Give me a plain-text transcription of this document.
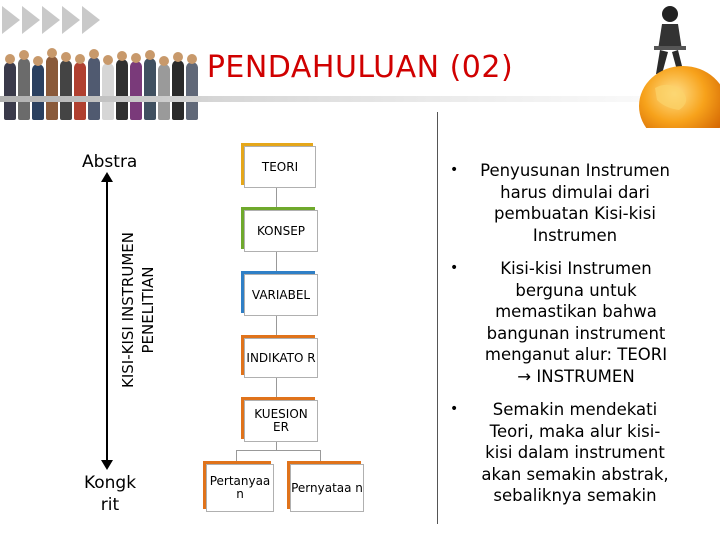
PENDAHULUAN (02)
Abstra
Kongk rit
KISI-KISI INSTRUMEN PENELITIAN
TEORI
KONSEP
VARIABEL
INDIKATO R
KUESION ER
Pertanyaa n	Pernyataa n
• Penyusunan Instrumen harus dimulai dari pembuatan Kisi-kisi Instrumen
•	Kisi-kisi Instrumen berguna untuk memastikan bahwa bangunan instrument menganut alur: TEORI → INSTRUMEN
•	Semakin mendekati Teori, maka alur kisi-kisi dalam instrument akan semakin abstrak, sebaliknya semakin
